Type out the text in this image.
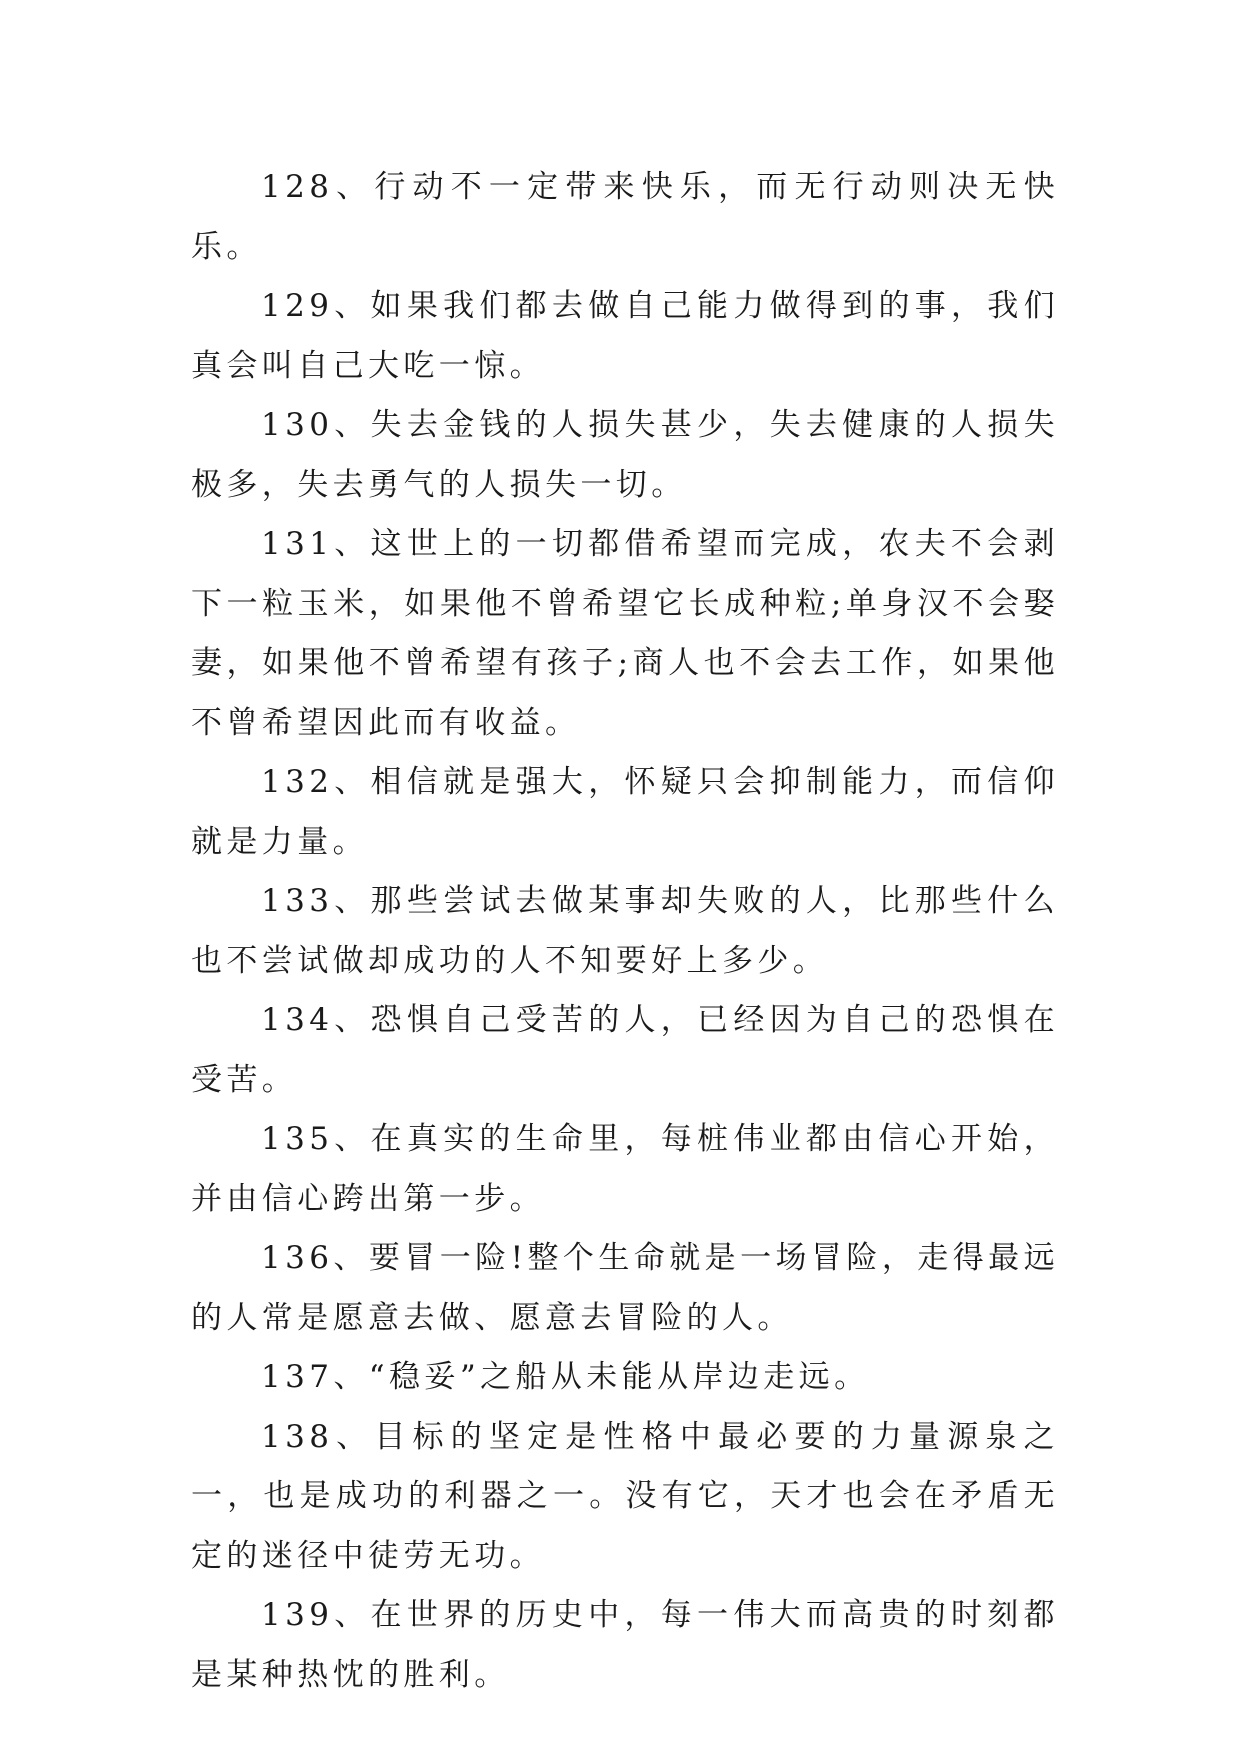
128、行动不一定带来快乐，而无行动则决无快乐。

129、如果我们都去做自己能力做得到的事，我们真会叫自己大吃一惊。

130、失去金钱的人损失甚少，失去健康的人损失极多，失去勇气的人损失一切。

131、这世上的一切都借希望而完成，农夫不会剥下一粒玉米，如果他不曾希望它长成种粒;单身汉不会娶妻，如果他不曾希望有孩子;商人也不会去工作，如果他不曾希望因此而有收益。

132、相信就是强大，怀疑只会抑制能力，而信仰就是力量。

133、那些尝试去做某事却失败的人，比那些什么也不尝试做却成功的人不知要好上多少。

134、恐惧自己受苦的人，已经因为自己的恐惧在受苦。

135、在真实的生命里，每桩伟业都由信心开始，并由信心跨出第一步。

136、要冒一险!整个生命就是一场冒险，走得最远的人常是愿意去做、愿意去冒险的人。

137、“稳妥”之船从未能从岸边走远。

138、目标的坚定是性格中最必要的力量源泉之一，也是成功的利器之一。没有它，天才也会在矛盾无定的迷径中徒劳无功。

139、在世界的历史中，每一伟大而高贵的时刻都是某种热忱的胜利。
